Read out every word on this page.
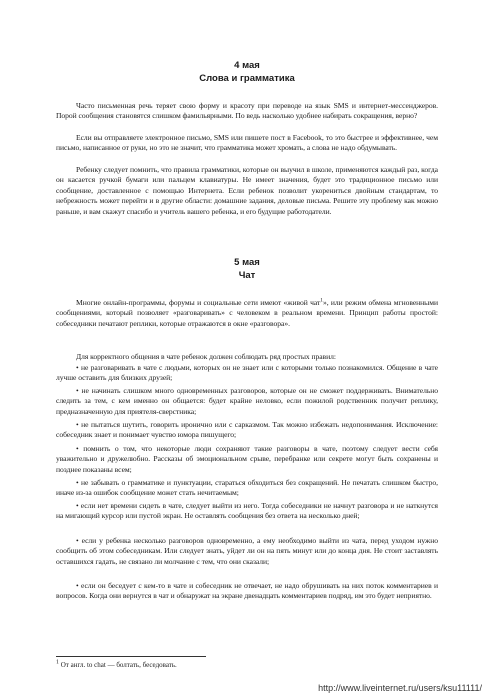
4 мая
Слова и грамматика

Часто письменная речь теряет свою форму и красоту при переводе на язык SMS и интернет-мессенджеров. Порой сообщения становятся слишком фамильярными. По ведь насколько удобнее набирать сокращения, верно?

Если вы отправляете электронное письмо, SMS или пишете пост в Facebook, то это быстрее и эффективнее, чем письмо, написанное от руки, но это не значит, что грамматика может хромать, а слова не надо обдумывать.

Ребенку следует помнить, что правила грамматики, которые он выучил в школе, применяются каждый раз, когда он касается ручкой бумаги или пальцем клавиатуры. Не имеет значения, будет это традиционное письмо или сообщение, доставленное с помощью Интернета. Если ребенок позволит укорениться двойным стандартам, то небрежность может перейти и в другие области: домашние задания, деловые письма. Решите эту проблему как можно раньше, и вам скажут спасибо и учитель вашего ребенка, и его будущие работодатели.

5 мая
Чат

Многие онлайн-программы, форумы и социальные сети имеют «живой чат$^1$», или режим обмена мгновенными сообщениями, который позволяет «разговаривать» с человеком в реальном времени. Принцип работы простой: собеседники печатают реплики, которые отражаются в окне «разговора».

Для корректного общения в чате ребенок должен соблюдать ряд простых правил:

• не разговаривать в чате с людьми, которых он не знает или с которыми только познакомился. Общение в чате лучше оставить для близких друзей;

• не начинать слишком много одновременных разговоров, которые он не сможет поддерживать. Внимательно следить за тем, с кем именно он общается: будет крайне неловко, если пожилой родственник получит реплику, предназначенную для приятеля-сверстника;

• не пытаться шутить, говорить иронично или с сарказмом. Так можно избежать недопонимания. Исключение: собеседник знает и понимает чувство юмора пишущего;

• помнить о том, что некоторые люди сохраняют такие разговоры в чате, поэтому следует вести себя уважительно и дружелюбно. Рассказы об эмоциональном срыве, перебранке или секрете могут быть сохранены и позднее показаны всем;

• не забывать о грамматике и пунктуации, стараться обходиться без сокращений. Не печатать слишком быстро, иначе из-за ошибок сообщение может стать нечитаемым;

• если нет времени сидеть в чате, следует выйти из него. Тогда собеседники не начнут разговора и не наткнутся на мигающий курсор или пустой экран. Не оставлять сообщения без ответа на несколько дней;

• если у ребенка несколько разговоров одновременно, а ему необходимо выйти из чата, перед уходом нужно сообщить об этом собеседникам. Или следует знать, уйдет ли он на пять минут или до конца дня. Не стоит заставлять оставшихся гадать, не связано ли молчание с тем, что они сказали;

• если он беседует с кем-то в чате и собеседник не отвечает, не надо обрушивать на них поток комментариев и вопросов. Когда они вернутся в чат и обнаружат на экране двенадцать комментариев подряд, им это будет неприятно.

$^1$ От англ. to chat — болтать, беседовать.

http://www.liveinternet.ru/users/ksu11111/
